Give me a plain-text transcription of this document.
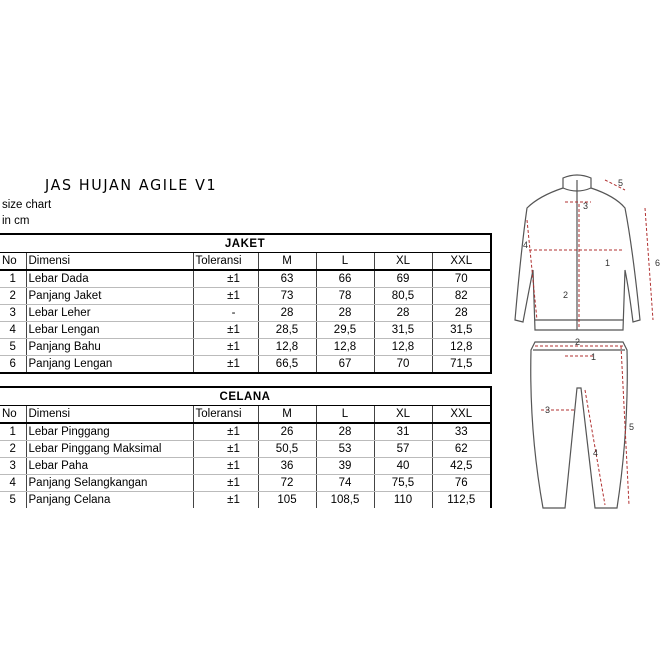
JAS HUJAN AGILE V1
size chart
in cm
JAKET						
No	Dimensi	Toleransi	M	L	XL	XXL
1	Lebar Dada	±1	63	66	69	70
2	Panjang Jaket	±1	73	78	80,5	82
3	Lebar Leher	-	28	28	28	28
4	Lebar Lengan	±1	28,5	29,5	31,5	31,5
5	Panjang Bahu	±1	12,8	12,8	12,8	12,8
6	Panjang Lengan	±1	66,5	67	70	71,5
CELANA						
No	Dimensi	Toleransi	M	L	XL	XXL
1	Lebar Pinggang	±1	26	28	31	33
2	Lebar Pinggang Maksimal	±1	50,5	53	57	62
3	Lebar Paha	±1	36	39	40	42,5
4	Panjang Selangkangan	±1	72	74	75,5	76
5	Panjang Celana	±1	105	108,5	110	112,5
1
2
3
4
5
6
1
2
3
4
5
